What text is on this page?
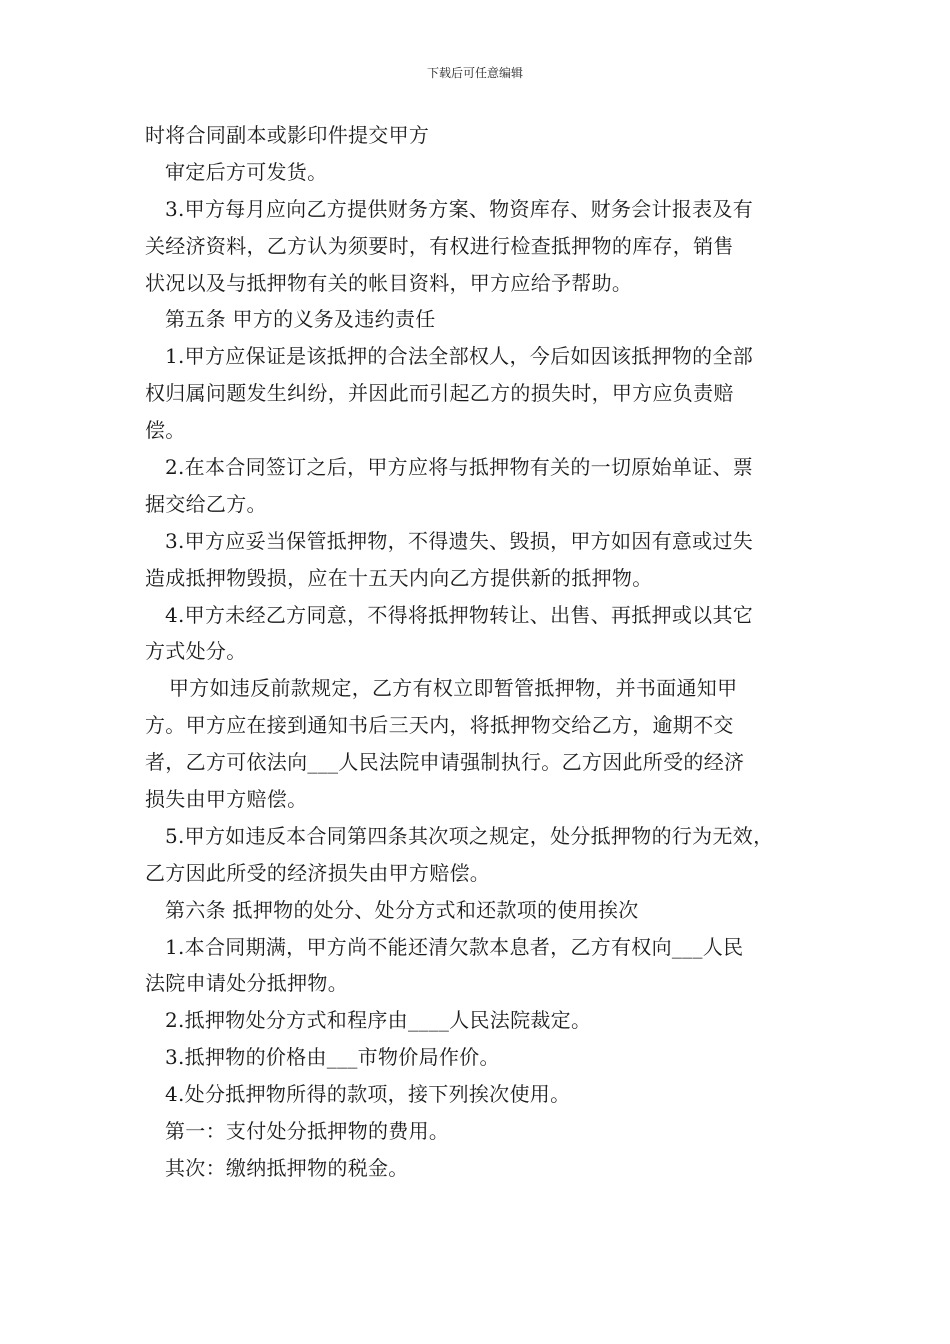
下载后可任意编辑
时将合同副本或影印件提交甲方
审定后方可发货。
3.甲方每月应向乙方提供财务方案、物资库存、财务会计报表及有
关经济资料，乙方认为须要时，有权进行检查抵押物的库存，销售
状况以及与抵押物有关的帐目资料，甲方应给予帮助。
第五条 甲方的义务及违约责任
1.甲方应保证是该抵押的合法全部权人，今后如因该抵押物的全部
权归属问题发生纠纷，并因此而引起乙方的损失时，甲方应负责赔
偿。
2.在本合同签订之后，甲方应将与抵押物有关的一切原始单证、票
据交给乙方。
3.甲方应妥当保管抵押物，不得遗失、毁损，甲方如因有意或过失
造成抵押物毁损，应在十五天内向乙方提供新的抵押物。
4.甲方未经乙方同意，不得将抵押物转让、出售、再抵押或以其它
方式处分。
甲方如违反前款规定，乙方有权立即暂管抵押物，并书面通知甲
方。甲方应在接到通知书后三天内，将抵押物交给乙方，逾期不交
者，乙方可依法向___人民法院申请强制执行。乙方因此所受的经济
损失由甲方赔偿。
5.甲方如违反本合同第四条其次项之规定，处分抵押物的行为无效，
乙方因此所受的经济损失由甲方赔偿。
第六条 抵押物的处分、处分方式和还款项的使用挨次
1.本合同期满，甲方尚不能还清欠款本息者，乙方有权向___人民
法院申请处分抵押物。
2.抵押物处分方式和程序由____人民法院裁定。
3.抵押物的价格由___市物价局作价。
4.处分抵押物所得的款项，接下列挨次使用。
第一：支付处分抵押物的费用。
其次：缴纳抵押物的税金。
